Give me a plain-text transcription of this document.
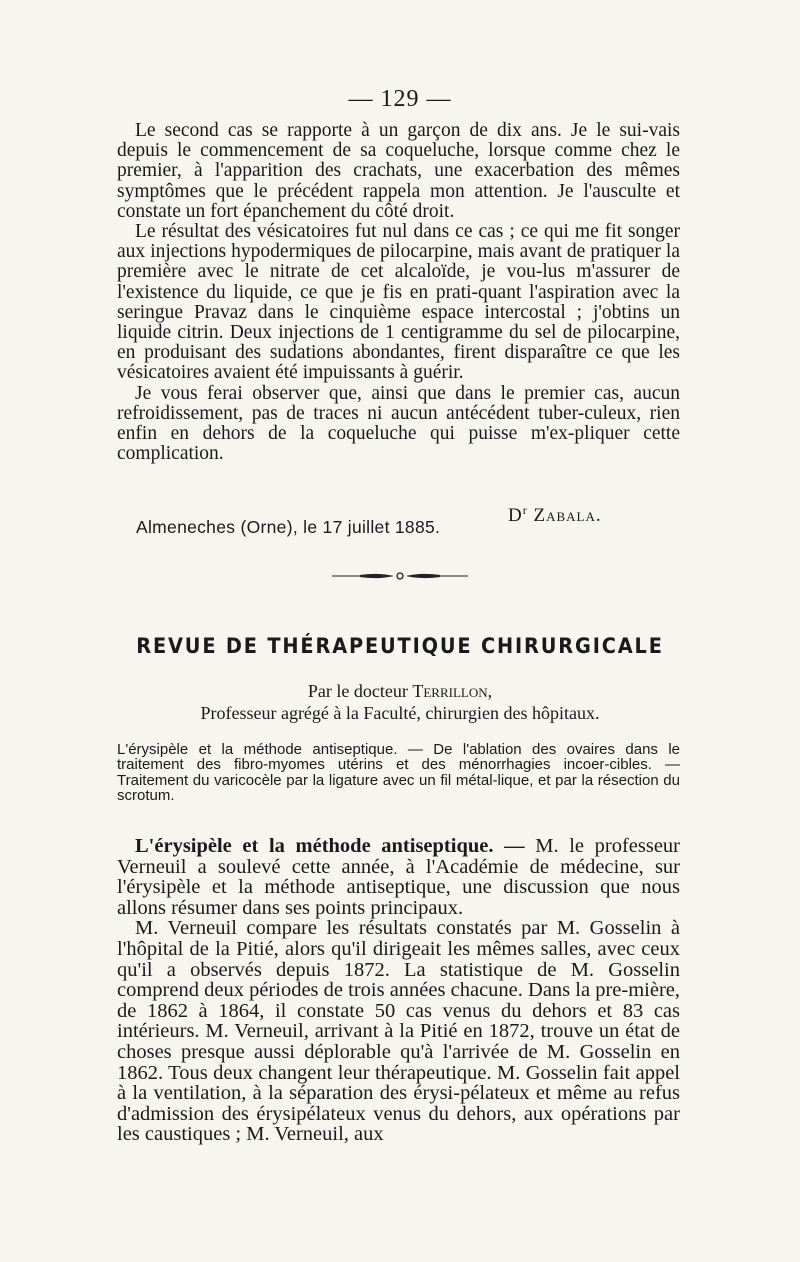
— 129 —

Le second cas se rapporte à un garçon de dix ans. Je le sui-vais depuis le commencement de sa coqueluche, lorsque comme chez le premier, à l'apparition des crachats, une exacerbation des mêmes symptômes que le précédent rappela mon attention. Je l'ausculte et constate un fort épanchement du côté droit.

Le résultat des vésicatoires fut nul dans ce cas ; ce qui me fit songer aux injections hypodermiques de pilocarpine, mais avant de pratiquer la première avec le nitrate de cet alcaloïde, je vou-lus m'assurer de l'existence du liquide, ce que je fis en prati-quant l'aspiration avec la seringue Pravaz dans le cinquième espace intercostal ; j'obtins un liquide citrin. Deux injections de 1 centigramme du sel de pilocarpine, en produisant des sudations abondantes, firent disparaître ce que les vésicatoires avaient été impuissants à guérir.

Je vous ferai observer que, ainsi que dans le premier cas, aucun refroidissement, pas de traces ni aucun antécédent tuber-culeux, rien enfin en dehors de la coqueluche qui puisse m'ex-pliquer cette complication.

$D^r$ Zabala.
Almeneches (Orne), le 17 juillet 1885.
REVUE DE THÉRAPEUTIQUE CHIRURGICALE
Par le docteur Terrillon,
Professeur agrégé à la Faculté, chirurgien des hôpitaux.

L'érysipèle et la méthode antiseptique. — De l'ablation des ovaires dans le traitement des fibro-myomes utérins et des ménorrhagies incoer-cibles. — Traitement du varicocèle par la ligature avec un fil métal-lique, et par la résection du scrotum.

L'érysipèle et la méthode antiseptique. — M. le professeur Verneuil a soulevé cette année, à l'Académie de médecine, sur l'érysipèle et la méthode antiseptique, une discussion que nous allons résumer dans ses points principaux.

M. Verneuil compare les résultats constatés par M. Gosselin à l'hôpital de la Pitié, alors qu'il dirigeait les mêmes salles, avec ceux qu'il a observés depuis 1872. La statistique de M. Gosselin comprend deux périodes de trois années chacune. Dans la pre-mière, de 1862 à 1864, il constate 50 cas venus du dehors et 83 cas intérieurs. M. Verneuil, arrivant à la Pitié en 1872, trouve un état de choses presque aussi déplorable qu'à l'arrivée de M. Gosselin en 1862. Tous deux changent leur thérapeutique. M. Gosselin fait appel à la ventilation, à la séparation des érysi-pélateux et même au refus d'admission des érysipélateux venus du dehors, aux opérations par les caustiques ; M. Verneuil, aux
